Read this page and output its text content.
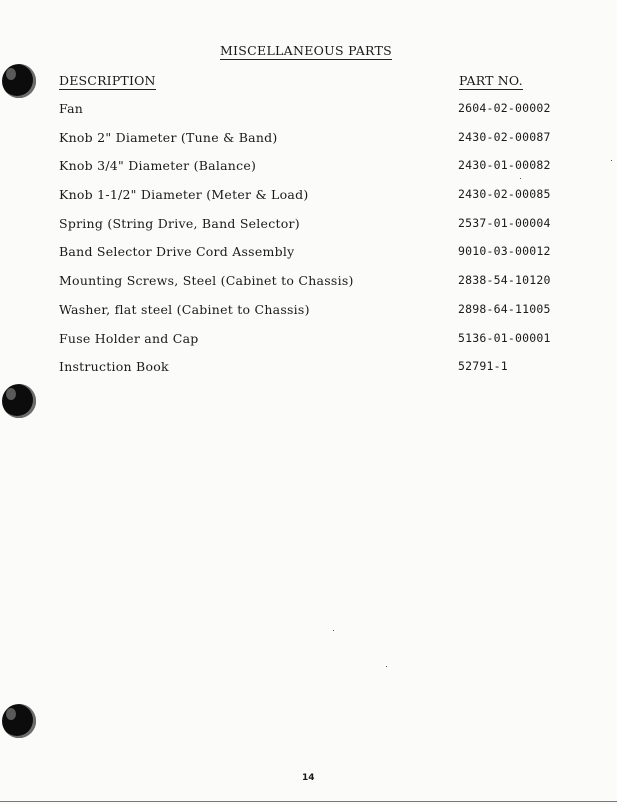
MISCELLANEOUS PARTS
DESCRIPTION	PART NO.
Fan	2604-02-00002
Knob 2" Diameter (Tune & Band)	2430-02-00087
Knob 3/4" Diameter (Balance)	2430-01-00082
Knob 1-1/2" Diameter (Meter & Load)	2430-02-00085
Spring (String Drive, Band Selector)	2537-01-00004
Band Selector Drive Cord Assembly	9010-03-00012
Mounting Screws, Steel (Cabinet to Chassis)	2838-54-10120
Washer, flat steel (Cabinet to Chassis)	2898-64-11005
Fuse Holder and Cap	5136-01-00001
Instruction Book	52791-1
14
